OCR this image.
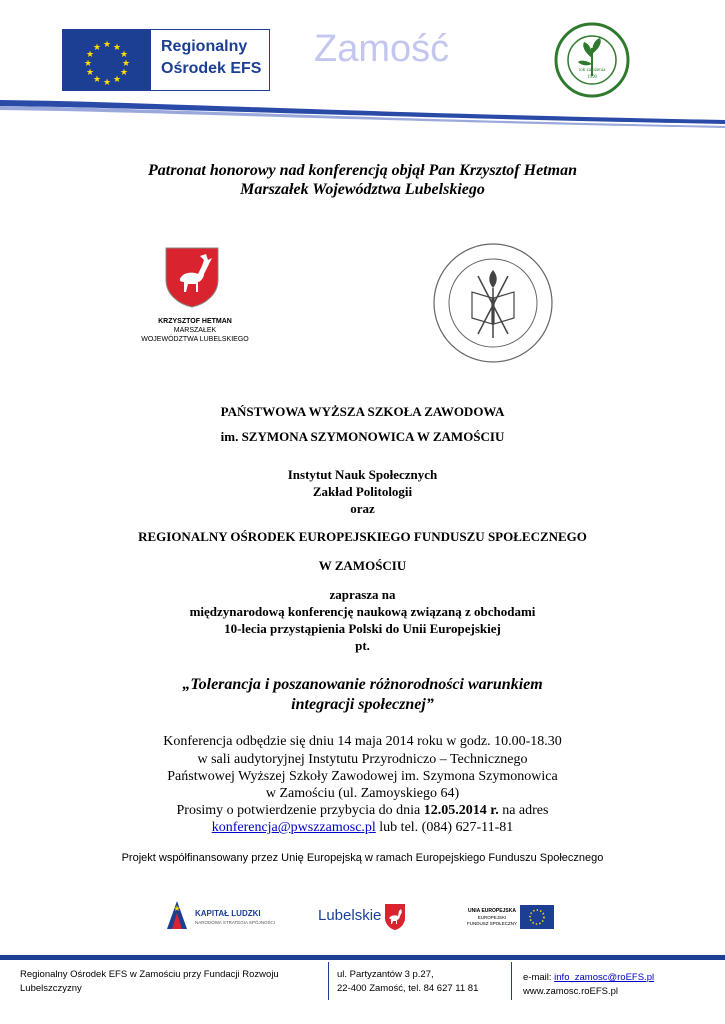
★ ★
★
★
★
★
★
★
★
★
★
★	Regionalny
Ośrodek EFS Zamość
rok założenia
1990
Patronat honorowy nad konferencją objął Pan Krzysztof Hetman
Marszałek Województwa Lubelskiego
KRZYSZTOF HETMAN
MARSZAŁEK
WOJEWÓDZTWA LUBELSKIEGO
PAŃSTWOWA WYŻSZA SZKOŁA ZAWODOWA
im. SZYMONA SZYMONOWICA W ZAMOŚCIU
Instytut Nauk Społecznych
Zakład Politologii
oraz
REGIONALNY OŚRODEK EUROPEJSKIEGO FUNDUSZU SPOŁECZNEGO
W ZAMOŚCIU
zaprasza na
międzynarodową konferencję naukową związaną z obchodami
10-lecia przystąpienia Polski do Unii Europejskiej
pt.
„Tolerancja i poszanowanie różnorodności warunkiem
integracji społecznej”
Konferencja odbędzie się dniu 14 maja 2014 roku w godz. 10.00-18.30
w sali audytoryjnej Instytutu Przyrodniczo – Technicznego
Państwowej Wyższej Szkoły Zawodowej im. Szymona Szymonowica
w Zamościu (ul. Zamoyskiego 64)
Prosimy o potwierdzenie przybycia do dnia 12.05.2014 r. na adres
konferencja@pwszzamosc.pl lub tel. (084) 627-11-81
Projekt współfinansowany przez Unię Europejską w ramach Europejskiego Funduszu Społecznego
★
KAPITAŁ LUDZKI
NARODOWA STRATEGIA SPÓJNOŚCI	Lubelskie	UNIA EUROPEJSKA
EUROPEJSKI
FUNDUSZ SPOŁECZNY
Regionalny Ośrodek EFS w Zamościu przy Fundacji Rozwoju
Lubelszczyzny
ul. Partyzantów 3 p.27,
22-400 Zamość, tel. 84 627 11 81
e-mail: info_zamosc@roEFS.pl
www.zamosc.roEFS.pl
